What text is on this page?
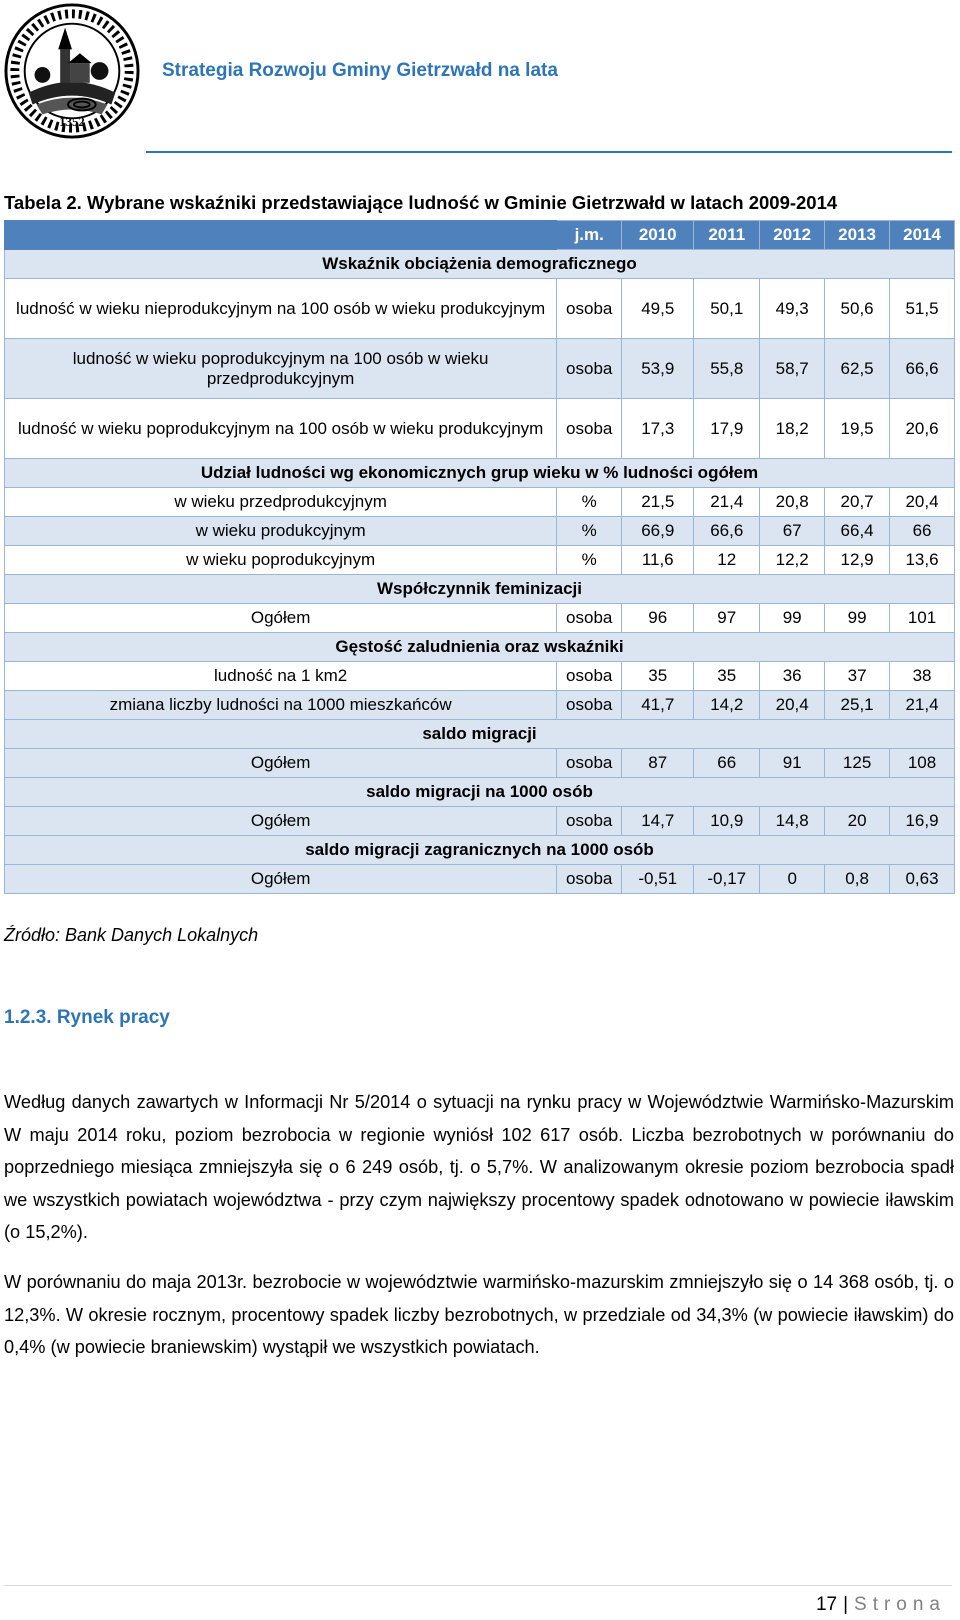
1352
Strategia Rozwoju Gminy Gietrzwałd na lata
Tabela 2. Wybrane wskaźniki przedstawiające ludność w Gminie Gietrzwałd w latach 2009-2014
	j.m.	2010	2011	2012	2013	2014
Wskaźnik obciążenia demograficznego						
ludność w wieku nieprodukcyjnym na 100 osób w wieku produkcyjnym	osoba	49,5	50,1	49,3	50,6	51,5
ludność w wieku poprodukcyjnym na 100 osób w wieku przedprodukcyjnym	osoba	53,9	55,8	58,7	62,5	66,6
ludność w wieku poprodukcyjnym na 100 osób w wieku produkcyjnym	osoba	17,3	17,9	18,2	19,5	20,6
Udział ludności wg ekonomicznych grup wieku w % ludności ogółem						
w wieku przedprodukcyjnym	%	21,5	21,4	20,8	20,7	20,4
w wieku produkcyjnym	%	66,9	66,6	67	66,4	66
w wieku poprodukcyjnym	%	11,6	12	12,2	12,9	13,6
Współczynnik feminizacji						
Ogółem	osoba	96	97	99	99	101
Gęstość zaludnienia oraz wskaźniki						
ludność na 1 km2	osoba	35	35	36	37	38
zmiana liczby ludności na 1000 mieszkańców	osoba	41,7	14,2	20,4	25,1	21,4
saldo migracji						
Ogółem	osoba	87	66	91	125	108
saldo migracji na 1000 osób						
Ogółem	osoba	14,7	10,9	14,8	20	16,9
saldo migracji zagranicznych na 1000 osób						
Ogółem	osoba	-0,51	-0,17	0	0,8	0,63
Źródło: Bank Danych Lokalnych
1.2.3. Rynek pracy

Według danych zawartych w Informacji Nr 5/2014 o sytuacji na rynku pracy w Województwie Warmińsko-Mazurskim W maju 2014 roku, poziom bezrobocia w regionie wyniósł 102 617 osób. Liczba bezrobotnych w porównaniu do poprzedniego miesiąca zmniejszyła się o 6 249 osób, tj. o 5,7%. W analizowanym okresie poziom bezrobocia spadł we wszystkich powiatach województwa - przy czym największy procentowy spadek odnotowano w powiecie iławskim (o 15,2%).

W porównaniu do maja 2013r. bezrobocie w województwie warmińsko-mazurskim zmniejszyło się o 14 368 osób, tj. o 12,3%. W okresie rocznym, procentowy spadek liczby bezrobotnych, w przedziale od 34,3% (w powiecie iławskim) do 0,4% (w powiecie braniewskim) wystąpił we wszystkich powiatach.

17 | Strona
